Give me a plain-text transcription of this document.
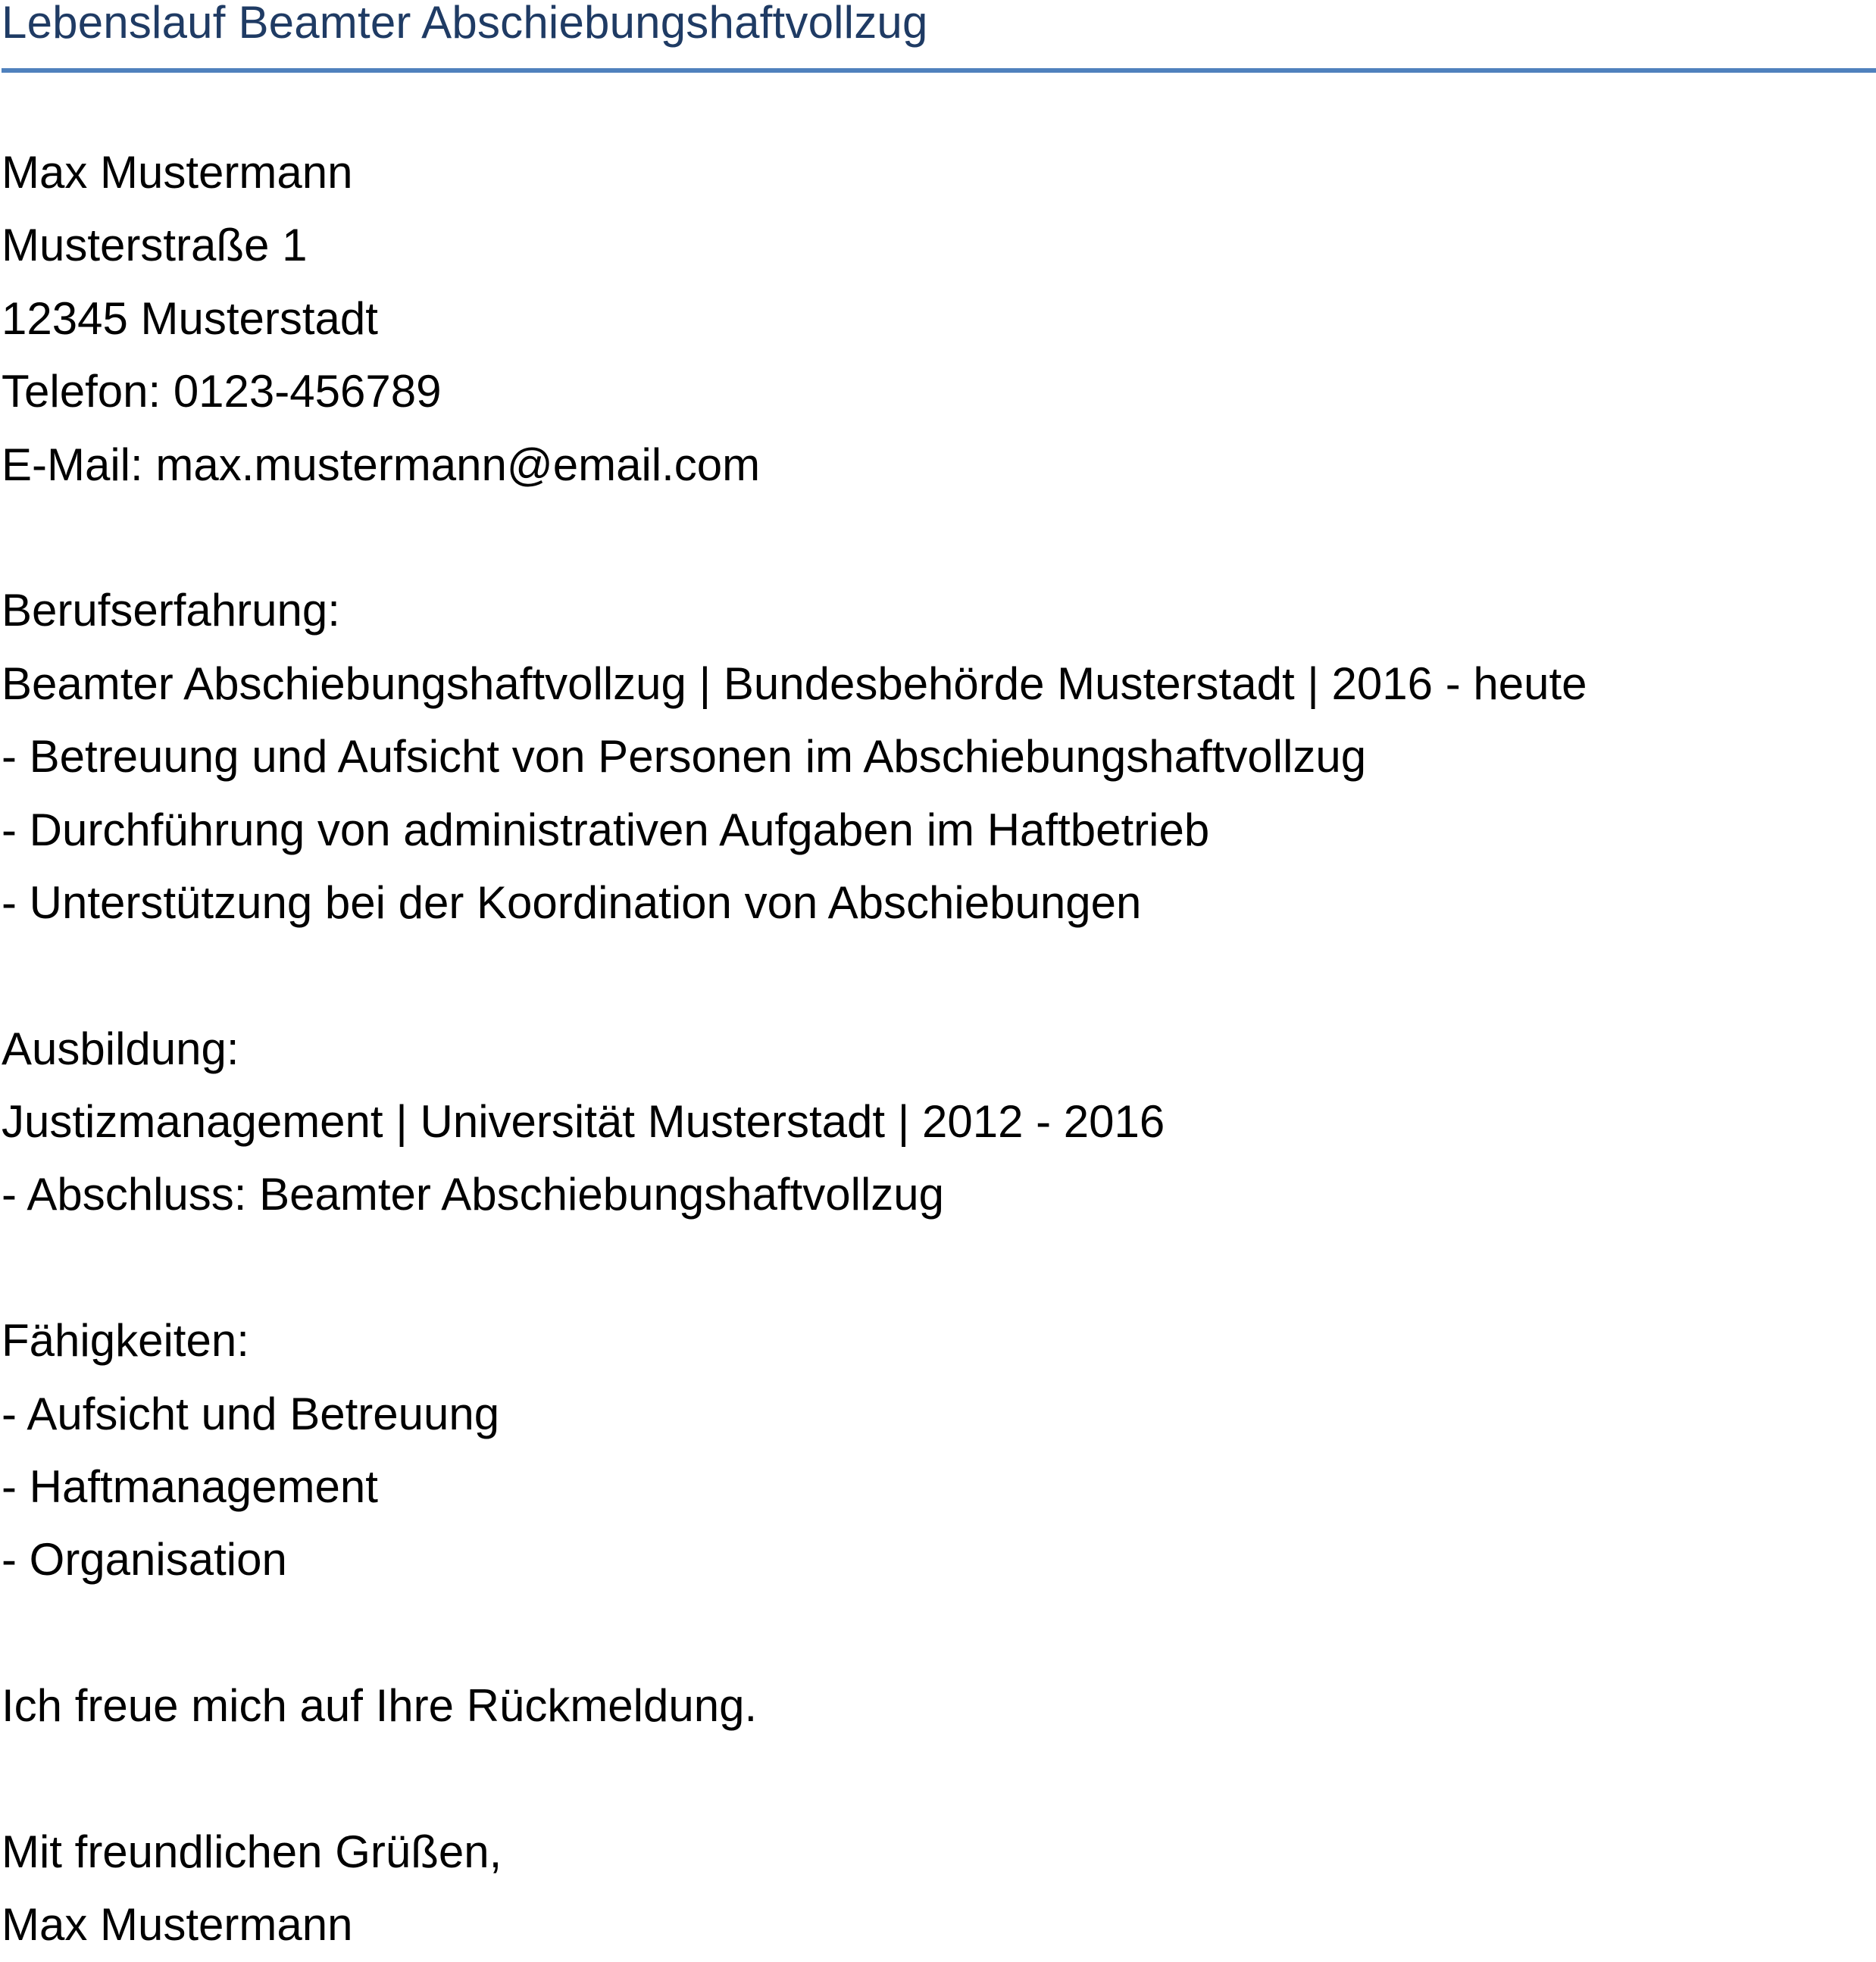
Lebenslauf Beamter Abschiebungshaftvollzug
Max Mustermann
Musterstraße 1
12345 Musterstadt
Telefon: 0123-456789
E-Mail: max.mustermann@email.com
Berufserfahrung:
Beamter Abschiebungshaftvollzug | Bundesbehörde Musterstadt | 2016 - heute
- Betreuung und Aufsicht von Personen im Abschiebungshaftvollzug
- Durchführung von administrativen Aufgaben im Haftbetrieb
- Unterstützung bei der Koordination von Abschiebungen
Ausbildung:
Justizmanagement | Universität Musterstadt | 2012 - 2016
- Abschluss: Beamter Abschiebungshaftvollzug
Fähigkeiten:
- Aufsicht und Betreuung
- Haftmanagement
- Organisation
Ich freue mich auf Ihre Rückmeldung.
Mit freundlichen Grüßen,
Max Mustermann
